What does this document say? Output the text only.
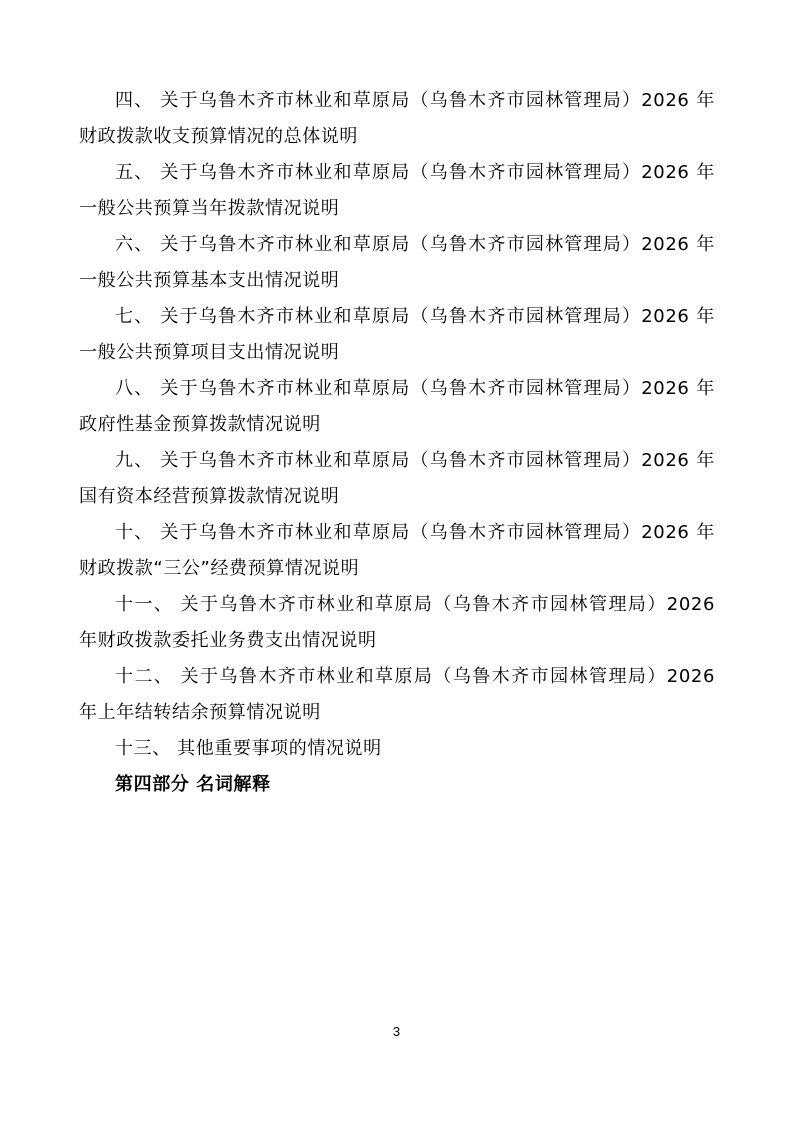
四、 关于乌鲁木齐市林业和草原局（乌鲁木齐市园林管理局）2026 年财政拨款收支预算情况的总体说明

五、 关于乌鲁木齐市林业和草原局（乌鲁木齐市园林管理局）2026 年一般公共预算当年拨款情况说明

六、 关于乌鲁木齐市林业和草原局（乌鲁木齐市园林管理局）2026 年一般公共预算基本支出情况说明

七、 关于乌鲁木齐市林业和草原局（乌鲁木齐市园林管理局）2026 年一般公共预算项目支出情况说明

八、 关于乌鲁木齐市林业和草原局（乌鲁木齐市园林管理局）2026 年政府性基金预算拨款情况说明

九、 关于乌鲁木齐市林业和草原局（乌鲁木齐市园林管理局）2026 年国有资本经营预算拨款情况说明

十、 关于乌鲁木齐市林业和草原局（乌鲁木齐市园林管理局）2026 年财政拨款“三公”经费预算情况说明

十一、 关于乌鲁木齐市林业和草原局（乌鲁木齐市园林管理局）2026 年财政拨款委托业务费支出情况说明

十二、 关于乌鲁木齐市林业和草原局（乌鲁木齐市园林管理局）2026 年上年结转结余预算情况说明

十三、 其他重要事项的情况说明

第四部分 名词解释

3
